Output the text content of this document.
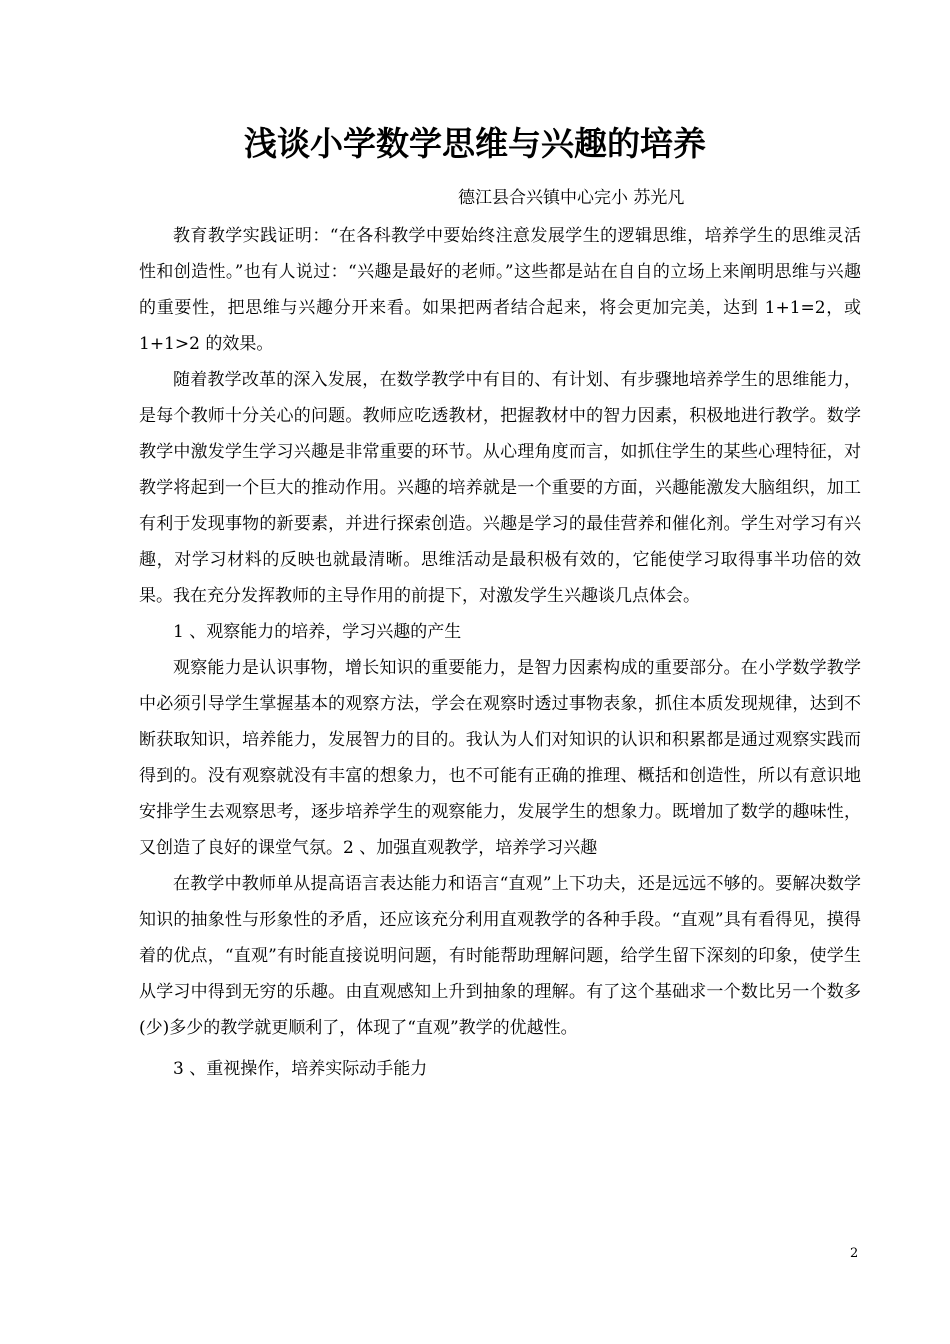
浅谈小学数学思维与兴趣的培养
德江县合兴镇中心完小 苏光凡

教育教学实践证明：“在各科教学中要始终注意发展学生的逻辑思维，培养学生的思维灵活性和创造性。”也有人说过：“兴趣是最好的老师。”这些都是站在自自的立场上来阐明思维与兴趣的重要性，把思维与兴趣分开来看。如果把两者结合起来，将会更加完美，达到 1+1=2，或 1+1>2 的效果。

随着教学改革的深入发展，在数学教学中有目的、有计划、有步骤地培养学生的思维能力，是每个教师十分关心的问题。教师应吃透教材，把握教材中的智力因素，积极地进行教学。数学教学中激发学生学习兴趣是非常重要的环节。从心理角度而言，如抓住学生的某些心理特征，对教学将起到一个巨大的推动作用。兴趣的培养就是一个重要的方面，兴趣能激发大脑组织，加工有利于发现事物的新要素，并进行探索创造。兴趣是学习的最佳营养和催化剂。学生对学习有兴趣，对学习材料的反映也就最清晰。思维活动是最积极有效的，它能使学习取得事半功倍的效果。我在充分发挥教师的主导作用的前提下，对激发学生兴趣谈几点体会。

1 、观察能力的培养，学习兴趣的产生

观察能力是认识事物，增长知识的重要能力，是智力因素构成的重要部分。在小学数学教学中必须引导学生掌握基本的观察方法，学会在观察时透过事物表象，抓住本质发现规律，达到不断获取知识，培养能力，发展智力的目的。我认为人们对知识的认识和积累都是通过观察实践而得到的。没有观察就没有丰富的想象力，也不可能有正确的推理、概括和创造性，所以有意识地安排学生去观察思考，逐步培养学生的观察能力，发展学生的想象力。既增加了数学的趣味性，又创造了良好的课堂气氛。2 、加强直观教学，培养学习兴趣

在教学中教师单从提高语言表达能力和语言“直观”上下功夫，还是远远不够的。要解决数学知识的抽象性与形象性的矛盾，还应该充分利用直观教学的各种手段。“直观”具有看得见，摸得着的优点，“直观”有时能直接说明问题，有时能帮助理解问题，给学生留下深刻的印象，使学生从学习中得到无穷的乐趣。由直观感知上升到抽象的理解。有了这个基础求一个数比另一个数多(少)多少的教学就更顺利了，体现了“直观”教学的优越性。

3 、重视操作，培养实际动手能力

2
